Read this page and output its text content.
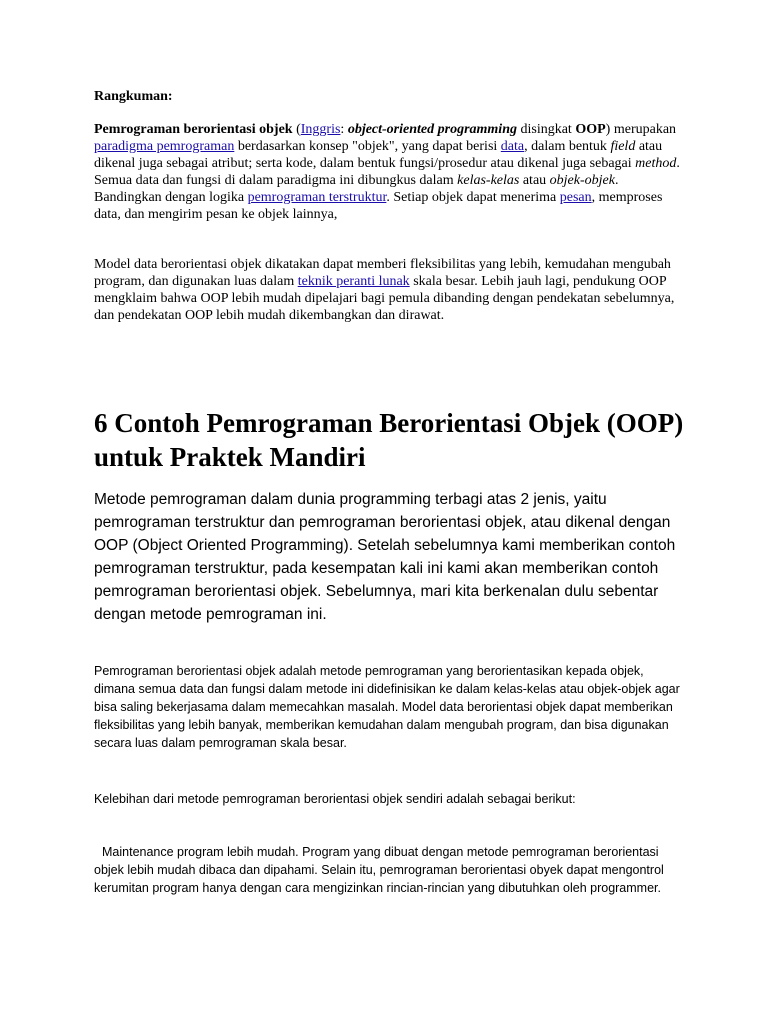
Rangkuman:

Pemrograman berorientasi objek (Inggris: object-oriented programming disingkat OOP) merupakan paradigma pemrograman berdasarkan konsep "objek", yang dapat berisi data, dalam bentuk field atau dikenal juga sebagai atribut; serta kode, dalam bentuk fungsi/prosedur atau dikenal juga sebagai method. Semua data dan fungsi di dalam paradigma ini dibungkus dalam kelas-kelas atau objek-objek. Bandingkan dengan logika pemrograman terstruktur. Setiap objek dapat menerima pesan, memproses data, dan mengirim pesan ke objek lainnya,

Model data berorientasi objek dikatakan dapat memberi fleksibilitas yang lebih, kemudahan mengubah program, dan digunakan luas dalam teknik peranti lunak skala besar. Lebih jauh lagi, pendukung OOP mengklaim bahwa OOP lebih mudah dipelajari bagi pemula dibanding dengan pendekatan sebelumnya, dan pendekatan OOP lebih mudah dikembangkan dan dirawat.

6 Contoh Pemrograman Berorientasi Objek (OOP) untuk Praktek Mandiri

Metode pemrograman dalam dunia programming terbagi atas 2 jenis, yaitu pemrograman terstruktur dan pemrograman berorientasi objek, atau dikenal dengan OOP (Object Oriented Programming). Setelah sebelumnya kami memberikan contoh pemrograman terstruktur, pada kesempatan kali ini kami akan memberikan contoh pemrograman berorientasi objek. Sebelumnya, mari kita berkenalan dulu sebentar dengan metode pemrograman ini.

Pemrograman berorientasi objek adalah metode pemrograman yang berorientasikan kepada objek, dimana semua data dan fungsi dalam metode ini didefinisikan ke dalam kelas-kelas atau objek-objek agar bisa saling bekerjasama dalam memecahkan masalah. Model data berorientasi objek dapat memberikan fleksibilitas yang lebih banyak, memberikan kemudahan dalam mengubah program, dan bisa digunakan secara luas dalam pemrograman skala besar.

Kelebihan dari metode pemrograman berorientasi objek sendiri adalah sebagai berikut:

Maintenance program lebih mudah. Program yang dibuat dengan metode pemrograman berorientasi objek lebih mudah dibaca dan dipahami. Selain itu, pemrograman berorientasi obyek dapat mengontrol kerumitan program hanya dengan cara mengizinkan rincian-rincian yang dibutuhkan oleh programmer.
